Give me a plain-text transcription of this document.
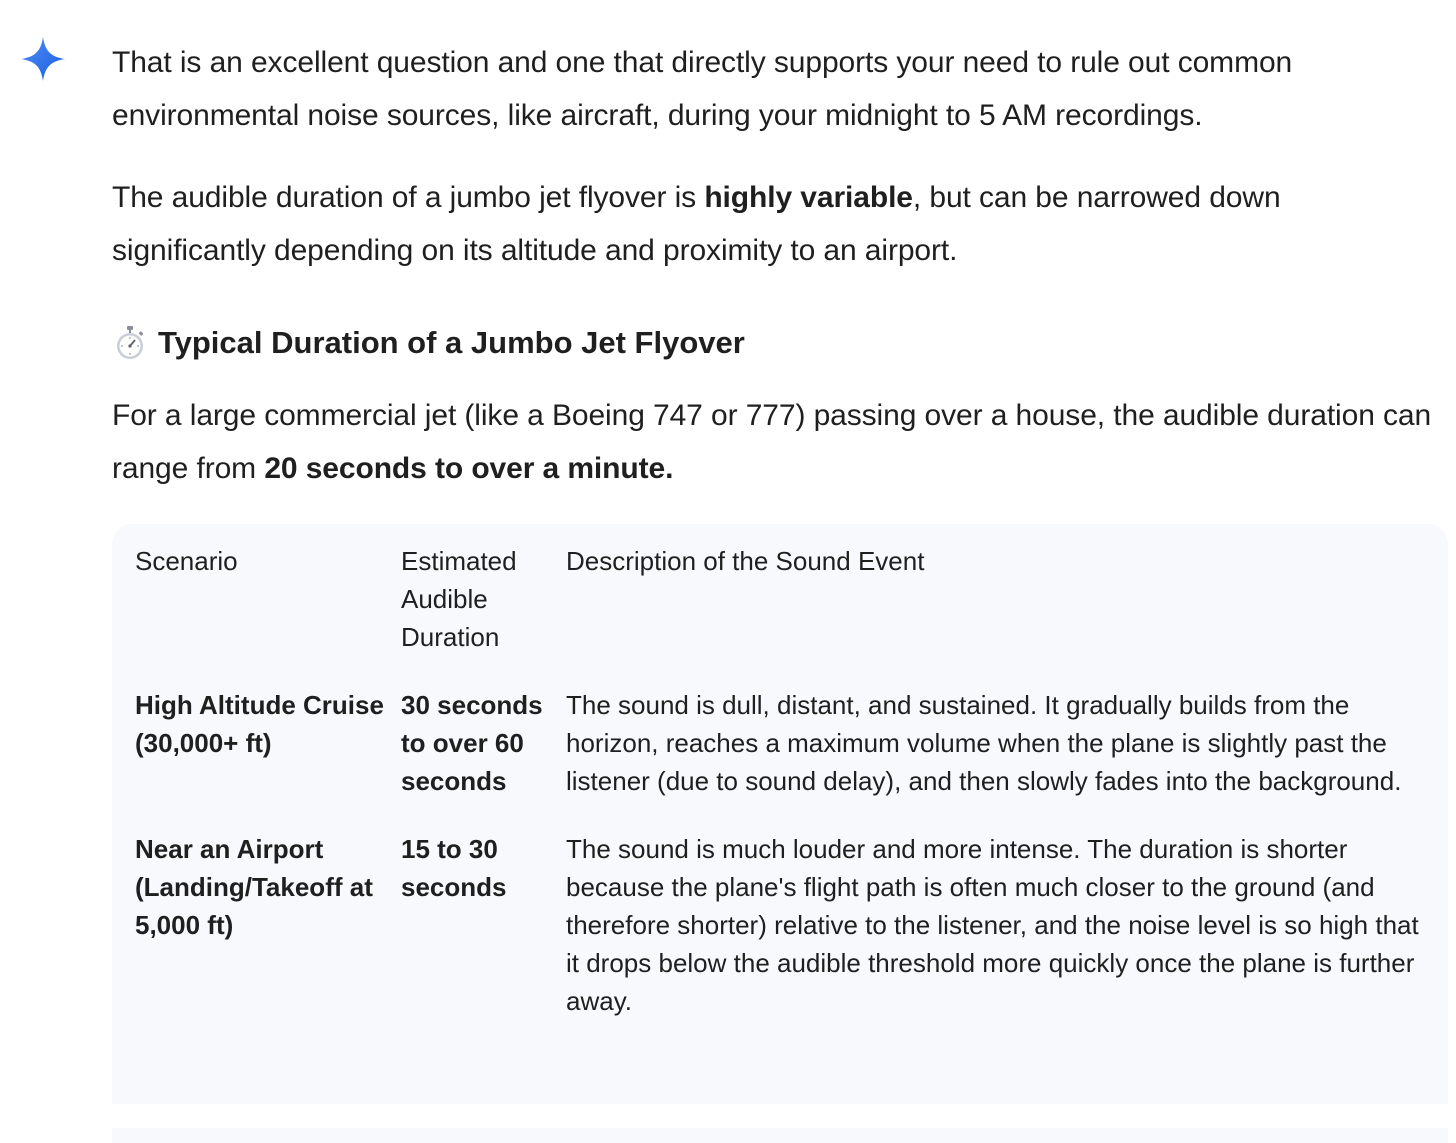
That is an excellent question and one that directly supports your need to rule out common environmental noise sources, like aircraft, during your midnight to 5 AM recordings.

The audible duration of a jumbo jet flyover is highly variable, but can be narrowed down significantly depending on its altitude and proximity to an airport.

Typical Duration of a Jumbo Jet Flyover

For a large commercial jet (like a Boeing 747 or 777) passing over a house, the audible duration can range from 20 seconds to over a minute.

Scenario	Estimated Audible Duration	Description of the Sound Event
High Altitude Cruise (30,000+ ft)	30 seconds to over 60 seconds	The sound is dull, distant, and sustained. It gradually builds from the horizon, reaches a maximum volume when the plane is slightly past the listener (due to sound delay), and then slowly fades into the background.
Near an Airport (Landing/Takeoff at 5,000 ft)	15 to 30 seconds	The sound is much louder and more intense. The duration is shorter because the plane's flight path is often much closer to the ground (and therefore shorter) relative to the listener, and the noise level is so high that it drops below the audible threshold more quickly once the plane is further away.
